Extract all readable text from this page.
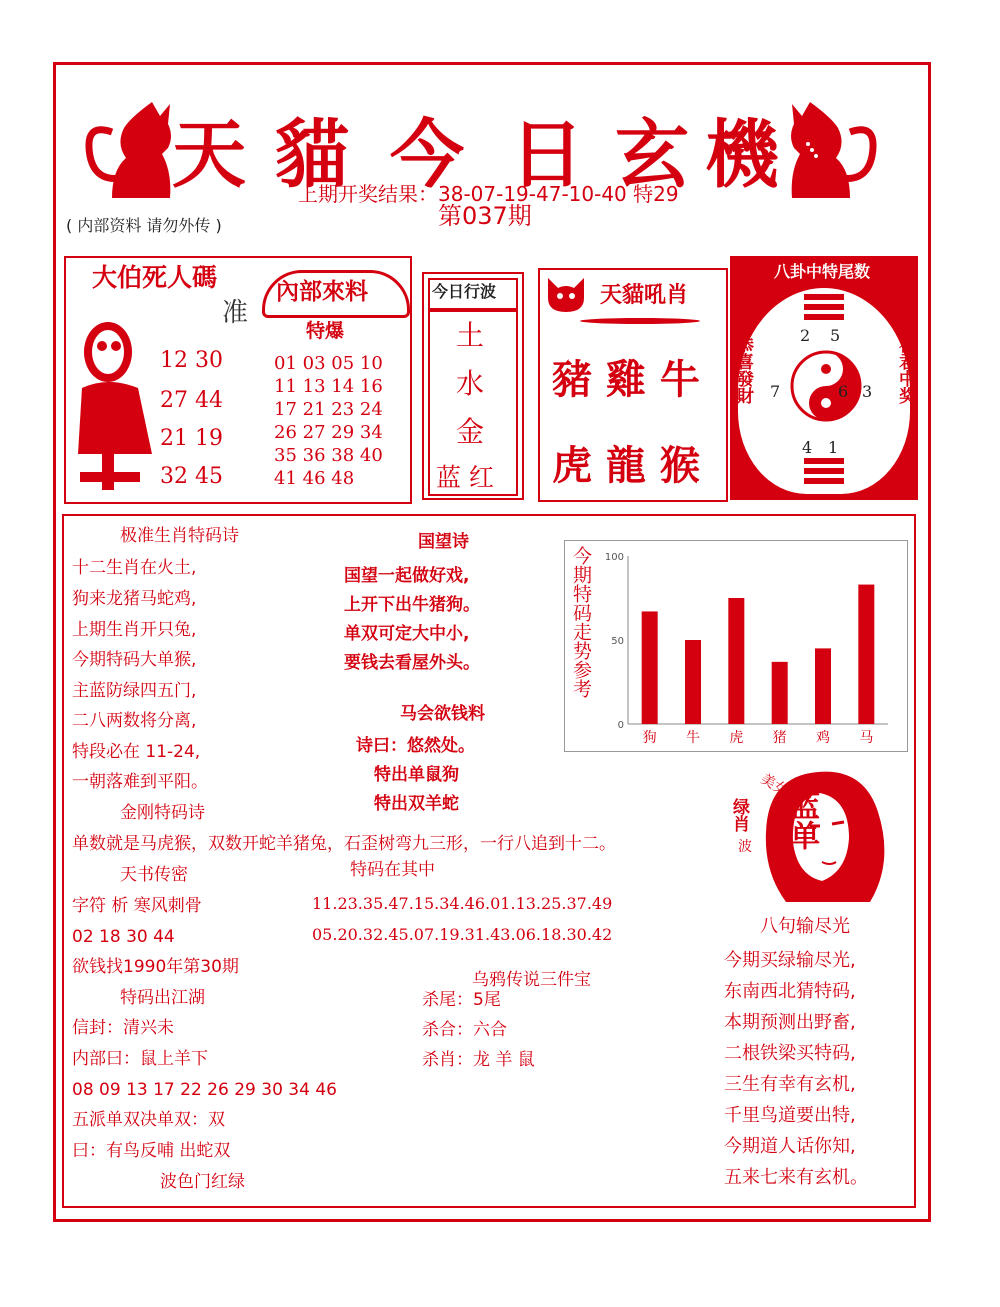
天 貓 今 日 玄 機
上期开奖结果：38-07-19-47-10-40 特29
第037期
( 内部资料 请勿外传 )
大伯死人碼
准
12 30
27 44
21 19
32 45
內部來料
特爆
01 03 05 10
11 13 14 16
17 21 23 24
26 27 29 34
35 36 38 40
41 46 48
今日行波
土
水
金
蓝 红
天貓吼肖
豬 雞 牛
虎 龍 猴
八卦中特尾数
恭喜發財	祝君中奖
2 5
7	6 3
4 1
极准生肖特码诗
十二生肖在火土,
狗来龙猪马蛇鸡,
上期生肖开只兔,
今期特码大单猴,
主蓝防绿四五门,
二八两数将分离,
特段必在 11-24,
一朝落难到平阳。
金刚特码诗
单数就是马虎猴，双数开蛇羊猪兔，石歪树弯九三形，一行八追到十二。
天书传密
字符 析 寒风刺骨
02 18 30 44
欲钱找1990年第30期
特码出江湖
信封：清兴未
内部曰：鼠上羊下
08 09 13 17 22 26 29 30 34 46
五派单双决单双：双
曰：有鸟反哺 出蛇双
波色门红绿
国望诗
国望一起做好戏,
上开下出牛猪狗。
单双可定大中小,
要钱去看屋外头。
马会欲钱料
诗曰：悠然处。
特出单鼠狗
特出双羊蛇
特码在其中
11.23.35.47.15.34.46.01.13.25.37.49
05.20.32.45.07.19.31.43.06.18.30.42
乌鸦传说三件宝
杀尾：5尾
杀合：六合
杀肖：龙 羊 鼠
今期特码走势参考
0
50
100
狗 牛 虎 猪 鸡 马
美女
绿肖
波 蓝单
八句输尽光
今期买绿输尽光,
东南西北猜特码,
本期预测出野畜,
二根铁梁买特码,
三生有幸有玄机,
千里鸟道要出特,
今期道人话你知,
五来七来有玄机。
